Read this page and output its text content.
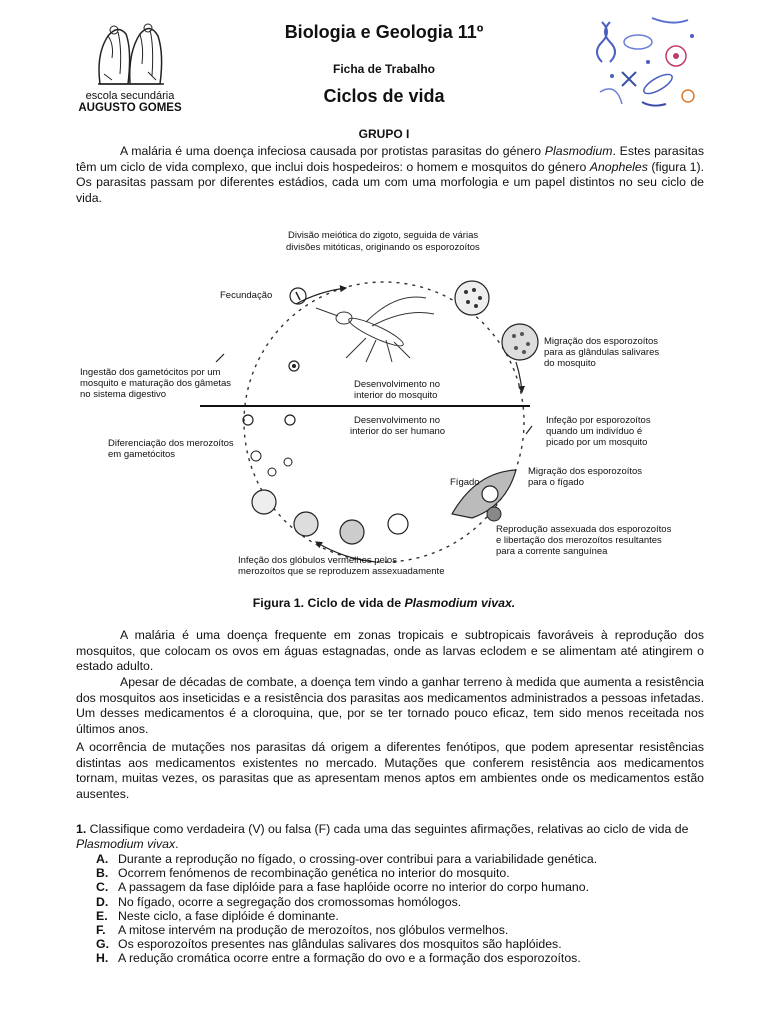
escola secundária
AUGUSTO GOMES
Biologia e Geologia 11º
Ficha de Trabalho
Ciclos de vida
GRUPO I
A malária é uma doença infeciosa causada por protistas parasitas do género Plasmodium. Estes parasitas têm um ciclo de vida complexo, que inclui dois hospedeiros: o homem e mosquitos do género Anopheles (figura 1). Os parasitas passam por diferentes estádios, cada um com uma morfologia e um papel distintos no seu ciclo de vida.
Divisão meiótica do zigoto, seguida de várias
divisões mitóticas, originando os esporozoítos
Fecundação
Migração dos esporozoítos
para as glândulas salivares
do mosquito
Ingestão dos gametócitos por um
mosquito e maturação dos gâmetas
no sistema digestivo
Desenvolvimento no
interior do mosquito
Desenvolvimento no
interior do ser humano
Infeção por esporozoítos
quando um indivíduo é
picado por um mosquito
Diferenciação dos merozoítos
em gametócitos
Migração dos esporozoítos
para o fígado
Fígado
Reprodução assexuada dos esporozoítos
e libertação dos merozoítos resultantes
para a corrente sanguínea
Infeção dos glóbulos vermelhos pelos
merozoítos que se reproduzem assexuadamente
Figura 1. Ciclo de vida de Plasmodium vivax.
A malária é uma doença frequente em zonas tropicais e subtropicais favoráveis à reprodução dos mosquitos, que colocam os ovos em águas estagnadas, onde as larvas eclodem e se alimentam até atingirem o estado adulto.
Apesar de décadas de combate, a doença tem vindo a ganhar terreno à medida que aumenta a resistência dos mosquitos aos inseticidas e a resistência dos parasitas aos medicamentos administrados a pessoas infetadas. Um desses medicamentos é a cloroquina, que, por se ter tornado pouco eficaz, tem sido menos receitada nos últimos anos.
A ocorrência de mutações nos parasitas dá origem a diferentes fenótipos, que podem apresentar resistências distintas aos medicamentos existentes no mercado. Mutações que conferem resistência aos medicamentos tornam, muitas vezes, os parasitas que as apresentam menos aptos em ambientes onde os medicamentos estão ausentes.
1. Classifique como verdadeira (V) ou falsa (F) cada uma das seguintes afirmações, relativas ao ciclo de vida de Plasmodium vivax.
A. Durante a reprodução no fígado, o crossing-over contribui para a variabilidade genética.
B. Ocorrem fenómenos de recombinação genética no interior do mosquito.
C. A passagem da fase diplóide para a fase haplóide ocorre no interior do corpo humano.
D. No fígado, ocorre a segregação dos cromossomas homólogos.
E. Neste ciclo, a fase diplóide é dominante.
F.	A mitose intervém na produção de merozoítos, nos glóbulos vermelhos.
G. Os esporozoítos presentes nas glândulas salivares dos mosquitos são haplóides.
H. A redução cromática ocorre entre a formação do ovo e a formação dos esporozoítos.
